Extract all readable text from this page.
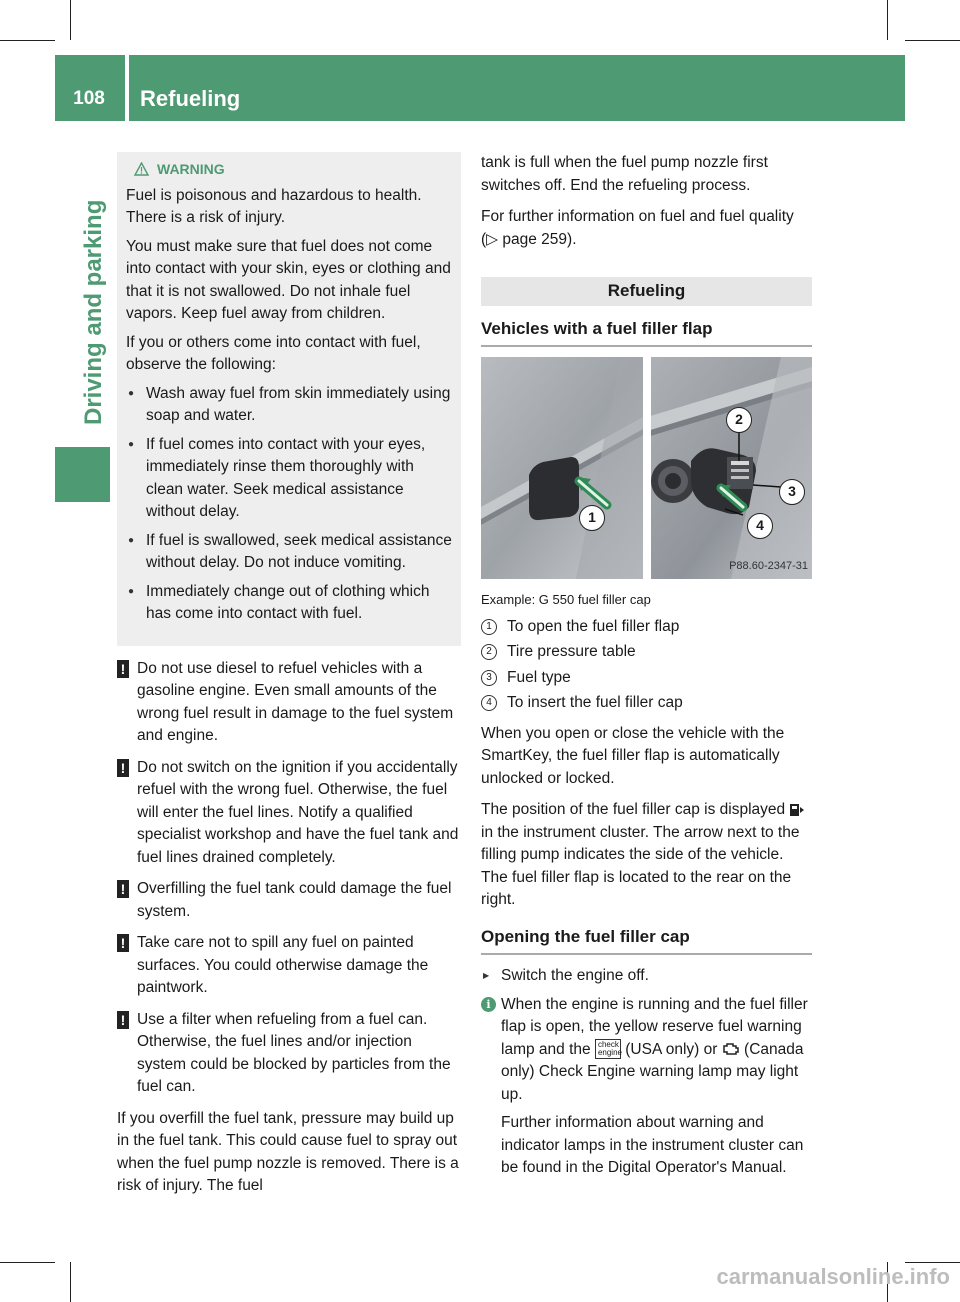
108	Refueling
Driving and parking
WARNING

Fuel is poisonous and hazardous to health. There is a risk of injury.

You must make sure that fuel does not come into contact with your skin, eyes or clothing and that it is not swallowed. Do not inhale fuel vapors. Keep fuel away from children.

If you or others come into contact with fuel, observe the following:

● Wash away fuel from skin immediately using soap and water.
● If fuel comes into contact with your eyes, immediately rinse them thoroughly with clean water. Seek medical assistance without delay.
● If fuel is swallowed, seek medical assistance without delay. Do not induce vomiting.
● Immediately change out of clothing which has come into contact with fuel.
! Do not use diesel to refuel vehicles with a gasoline engine. Even small amounts of the wrong fuel result in damage to the fuel system and engine.
! Do not switch on the ignition if you accidentally refuel with the wrong fuel. Otherwise, the fuel will enter the fuel lines. Notify a qualified specialist workshop and have the fuel tank and fuel lines drained completely.
! Overfilling the fuel tank could damage the fuel system.
! Take care not to spill any fuel on painted surfaces. You could otherwise damage the paintwork.
! Use a filter when refueling from a fuel can. Otherwise, the fuel lines and/or injection system could be blocked by particles from the fuel can.

If you overfill the fuel tank, pressure may build up in the fuel tank. This could cause fuel to spray out when the fuel pump nozzle is removed. There is a risk of injury. The fuel

tank is full when the fuel pump nozzle first switches off. End the refueling process.

For further information on fuel and fuel quality (▷ page 259).

Refueling
Vehicles with a fuel filler flap
1
2
3
4
P88.60-2347-31
Example: G 550 fuel filler cap
1 To open the fuel filler flap
2 Tire pressure table
3 Fuel type
4 To insert the fuel filler cap

When you open or close the vehicle with the SmartKey, the fuel filler flap is automatically unlocked or locked.

The position of the fuel filler cap is displayed  in the instrument cluster. The arrow next to the filling pump indicates the side of the vehicle. The fuel filler flap is located to the rear on the right.

Opening the fuel filler cap
▶ Switch the engine off.
i When the engine is running and the fuel filler flap is open, the yellow reserve fuel warning lamp and the check engine (USA only) or (Canada only) Check Engine warning lamp may light up.

Further information about warning and indicator lamps in the instrument cluster can be found in the Digital Operator's Manual.

carmanualsonline.info
